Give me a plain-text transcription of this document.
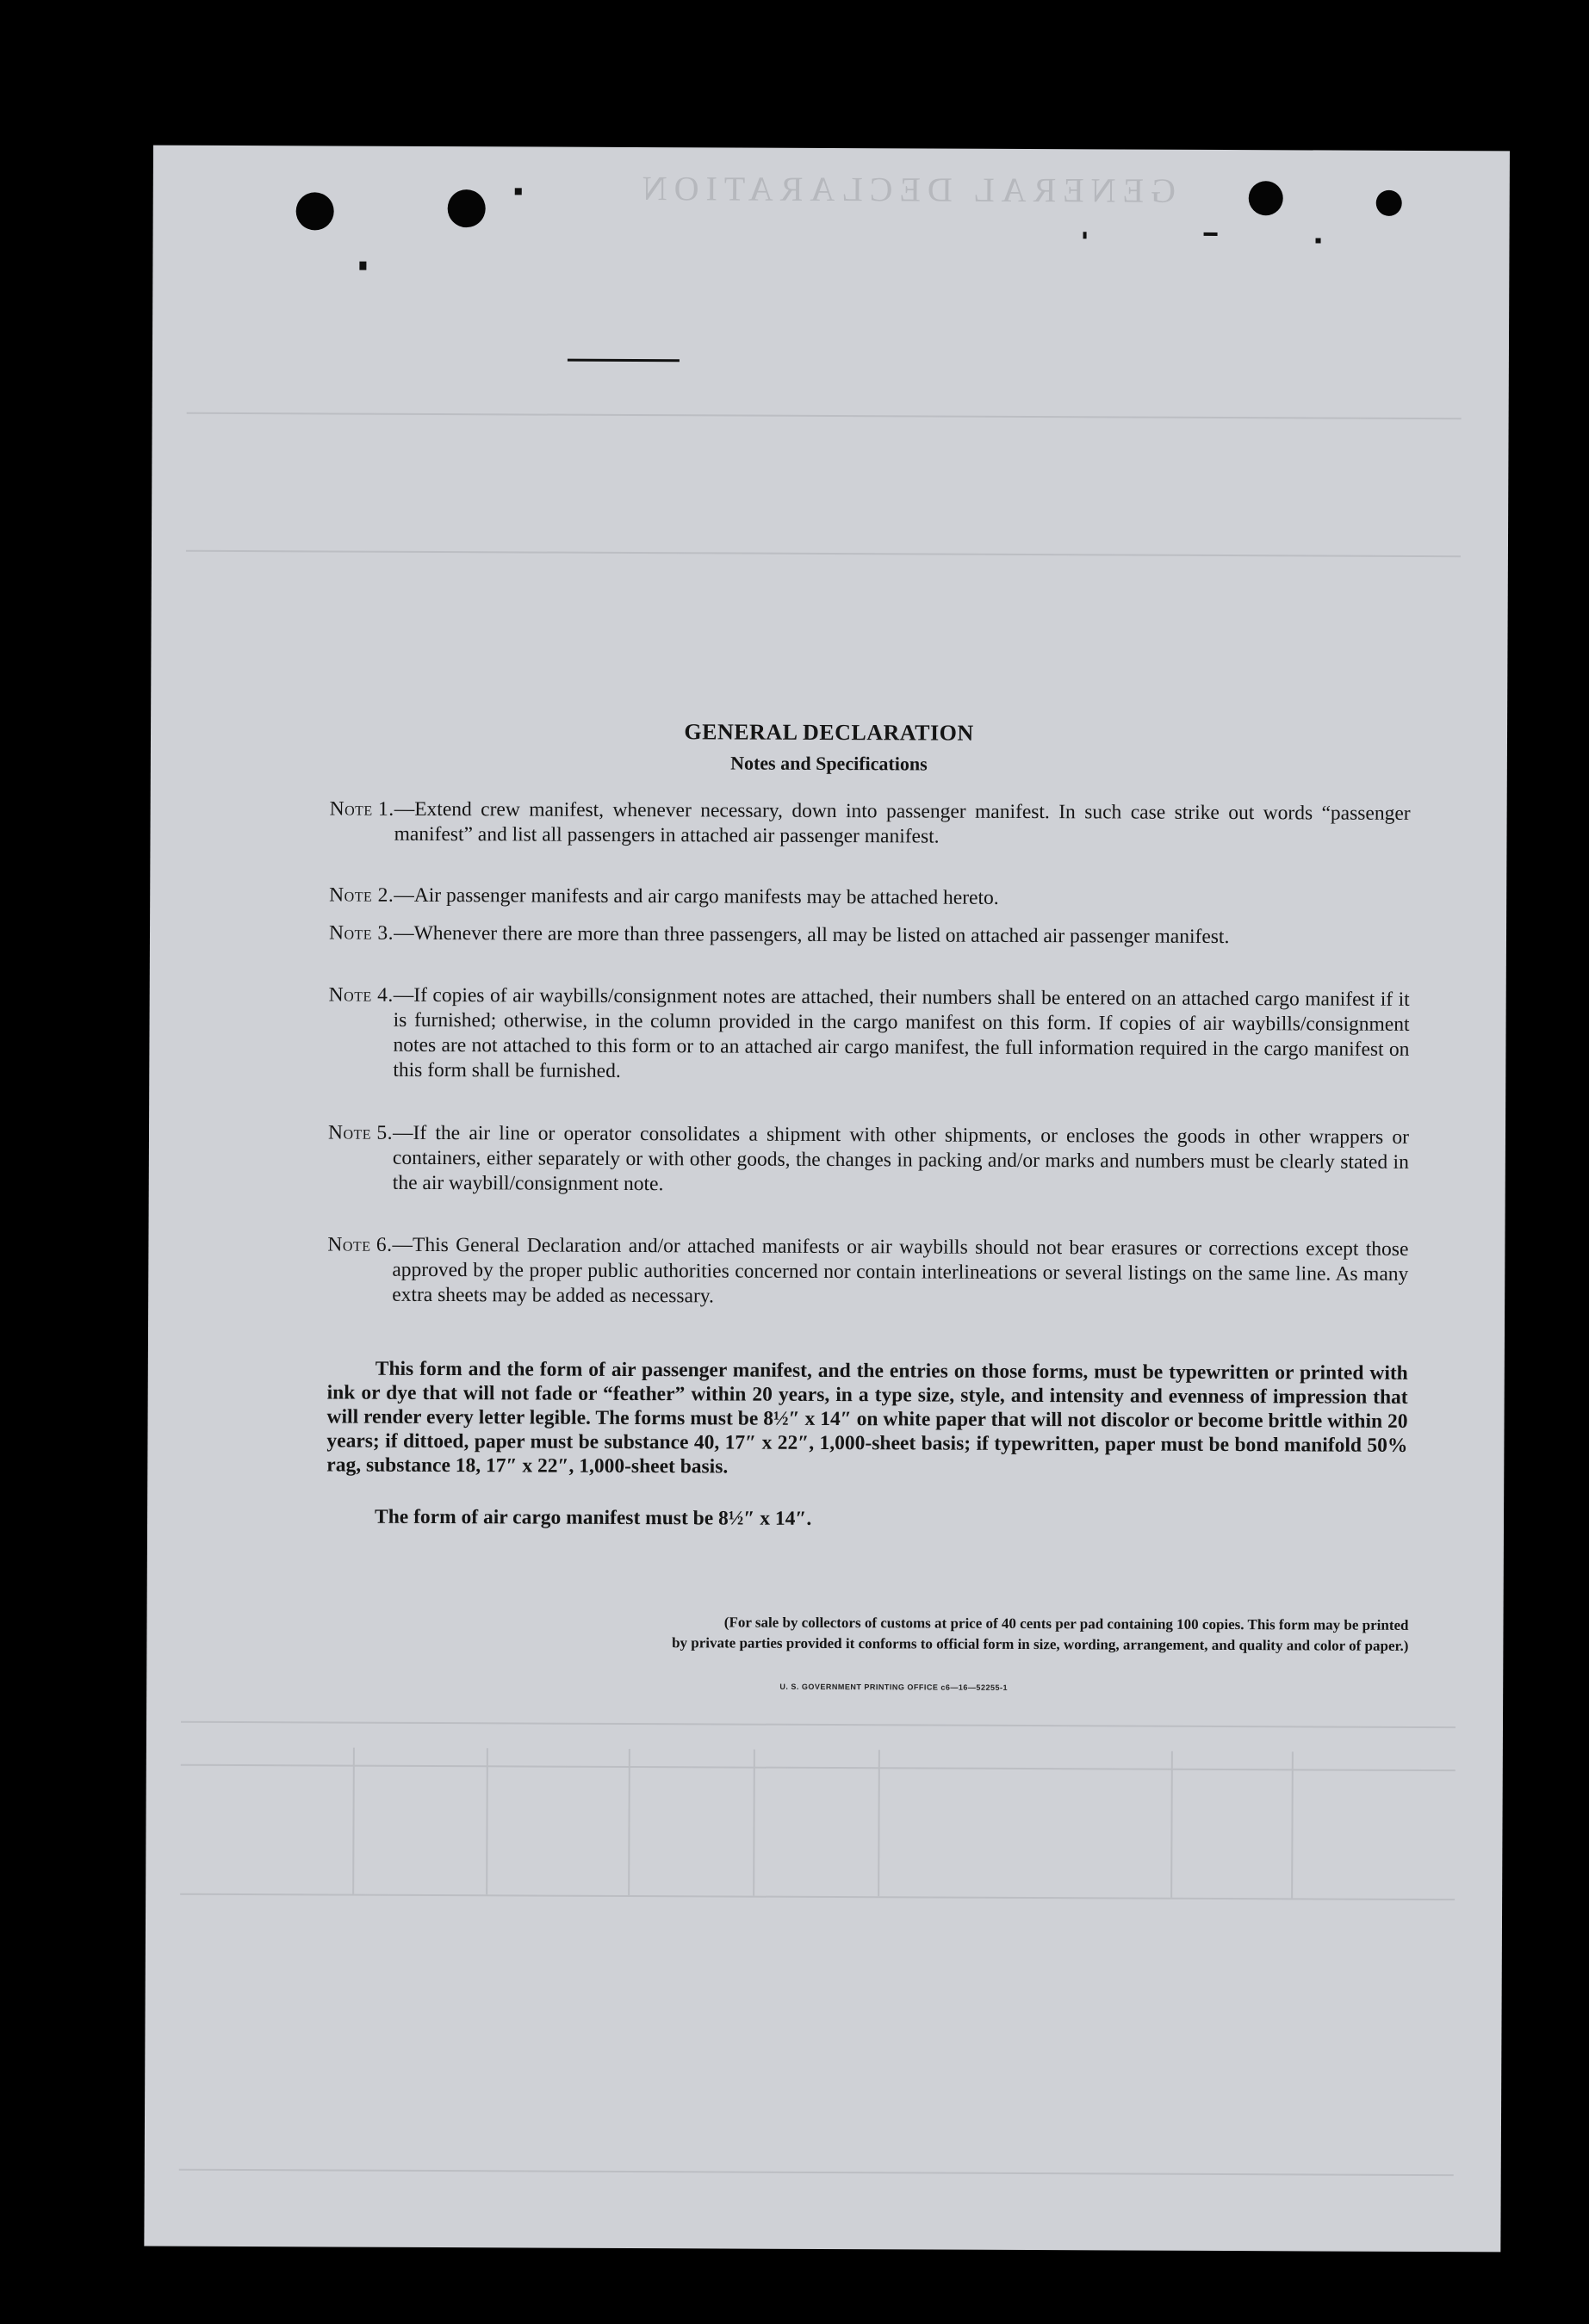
GENERAL DECLARATION
GENERAL DECLARATION
Notes and Specifications
Note 1. —Extend crew manifest, whenever necessary, down into passenger manifest. In such case strike out words “passenger manifest” and list all passengers in attached air passenger manifest.
Note 2. —Air passenger manifests and air cargo manifests may be attached hereto.
Note 3. —Whenever there are more than three passengers, all may be listed on attached air passenger manifest.
Note 4. —If copies of air waybills/consignment notes are attached, their numbers shall be entered on an attached cargo manifest if it is furnished; otherwise, in the column provided in the cargo manifest on this form. If copies of air waybills/consignment notes are not attached to this form or to an attached air cargo manifest, the full information required in the cargo manifest on this form shall be furnished.
Note 5. —If the air line or operator consolidates a shipment with other shipments, or encloses the goods in other wrappers or containers, either separately or with other goods, the changes in packing and/or marks and numbers must be clearly stated in the air waybill/consignment note.
Note 6. —This General Declaration and/or attached manifests or air waybills should not bear erasures or corrections except those approved by the proper public authorities concerned nor contain interlineations or several listings on the same line. As many extra sheets may be added as necessary.
This form and the form of air passenger manifest, and the entries on those forms, must be typewritten or printed with ink or dye that will not fade or “feather” within 20 years, in a type size, style, and intensity and evenness of impression that will render every letter legible. The forms must be 8½″ x 14″ on white paper that will not discolor or become brittle within 20 years; if dittoed, paper must be substance 40, 17″ x 22″, 1,000-sheet basis; if typewritten, paper must be bond manifold 50% rag, substance 18, 17″ x 22″, 1,000-sheet basis.
The form of air cargo manifest must be 8½″ x 14″.
(For sale by collectors of customs at price of 40 cents per pad containing 100 copies. This form may be printed
by private parties provided it conforms to official form in size, wording, arrangement, and quality and color of paper.)
U. S. GOVERNMENT PRINTING OFFICE c6—16—52255-1
